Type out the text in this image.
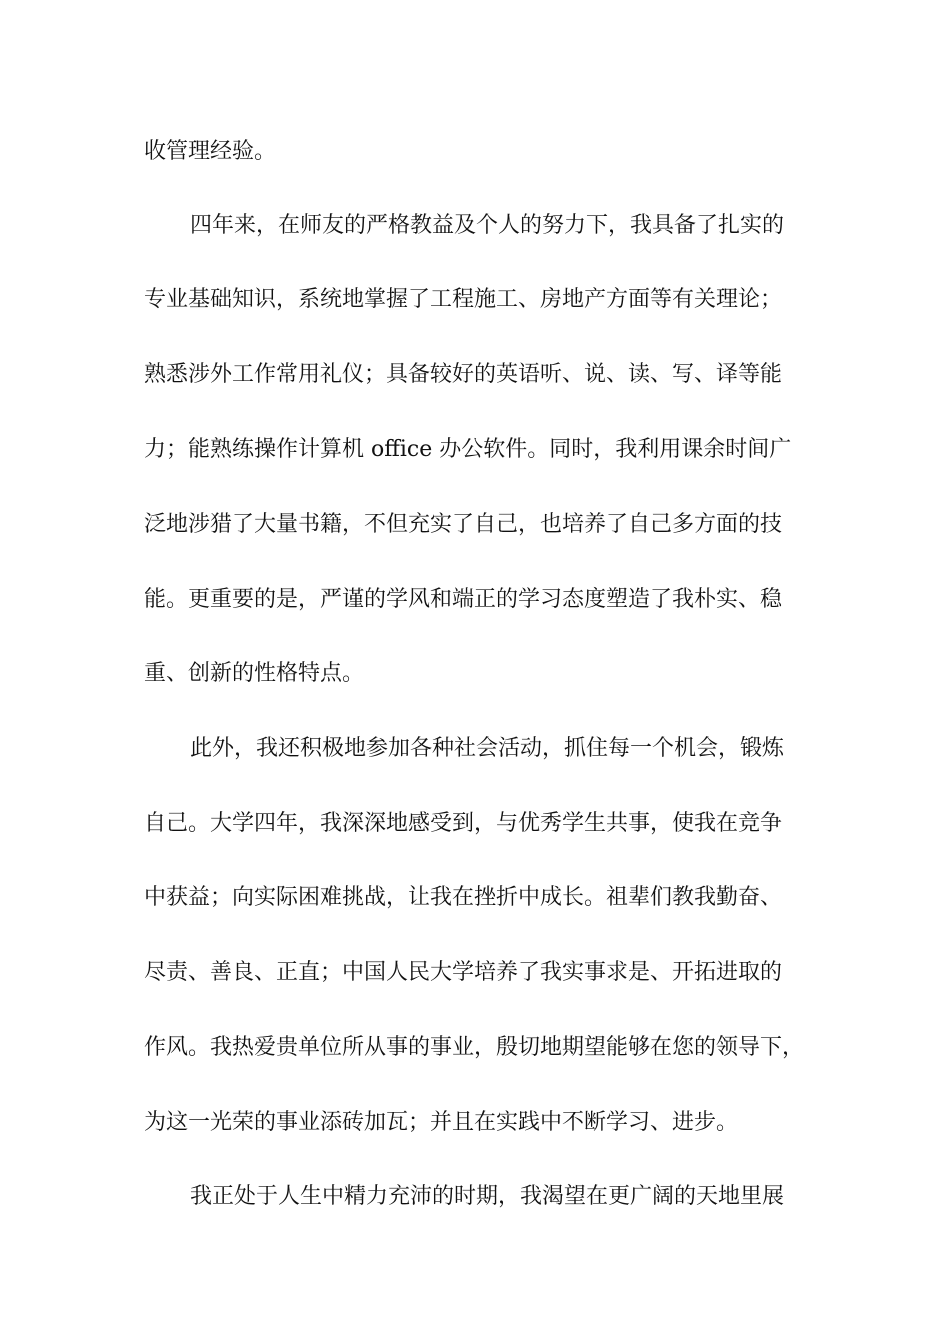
收管理经验。
四年来，在师友的严格教益及个人的努力下，我具备了扎实的
专业基础知识，系统地掌握了工程施工、房地产方面等有关理论；
熟悉涉外工作常用礼仪；具备较好的英语听、说、读、写、译等能
力；能熟练操作计算机 office 办公软件。同时，我利用课余时间广
泛地涉猎了大量书籍，不但充实了自己，也培养了自己多方面的技
能。更重要的是，严谨的学风和端正的学习态度塑造了我朴实、稳
重、创新的性格特点。
此外，我还积极地参加各种社会活动，抓住每一个机会，锻炼
自己。大学四年，我深深地感受到，与优秀学生共事，使我在竞争
中获益；向实际困难挑战，让我在挫折中成长。祖辈们教我勤奋、
尽责、善良、正直；中国人民大学培养了我实事求是、开拓进取的
作风。我热爱贵单位所从事的事业，殷切地期望能够在您的领导下，
为这一光荣的事业添砖加瓦；并且在实践中不断学习、进步。
我正处于人生中精力充沛的时期，我渴望在更广阔的天地里展
